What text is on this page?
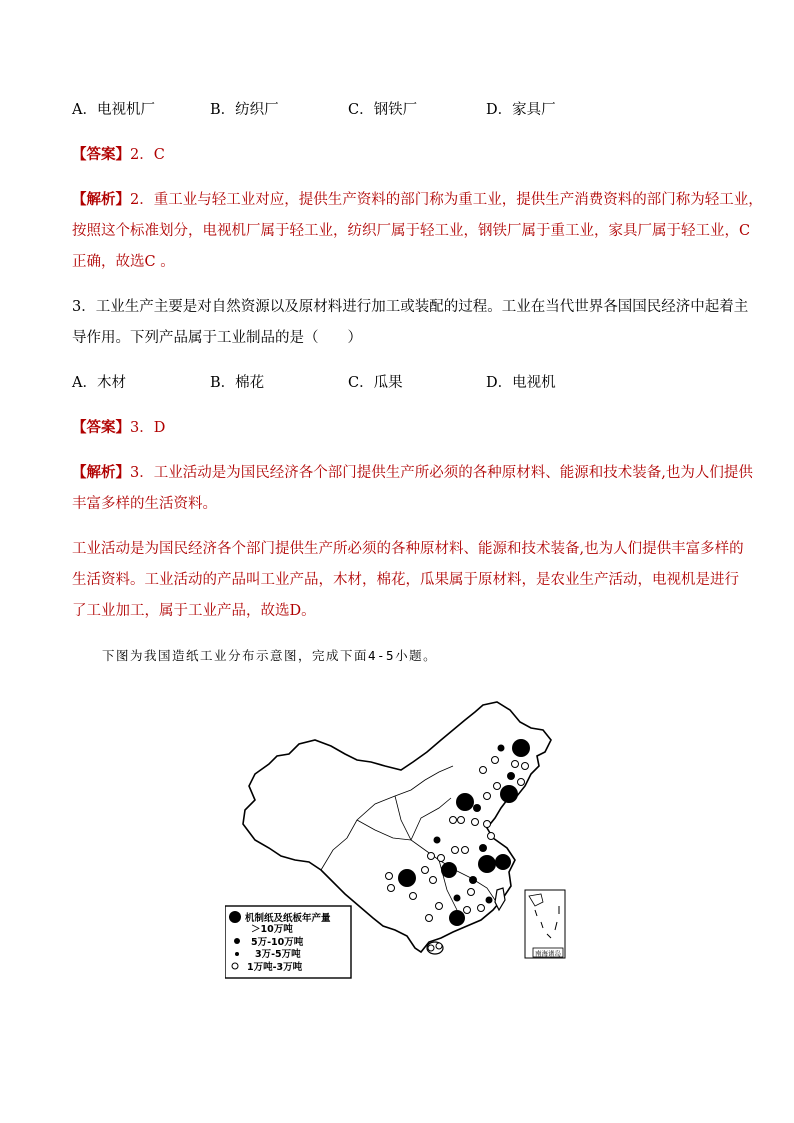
A．电视机厂	B．纺织厂	C．钢铁厂	D．家具厂
【答案】2．C
【解析】2．重工业与轻工业对应，提供生产资料的部门称为重工业，提供生产消费资料的部门称为轻工业，
按照这个标准划分，电视机厂属于轻工业，纺织厂属于轻工业，钢铁厂属于重工业，家具厂属于轻工业，C
正确，故选C 。
3．工业生产主要是对自然资源以及原材料进行加工或装配的过程。工业在当代世界各国国民经济中起着主
导作用。下列产品属于工业制品的是（　　）
A．木材	B．棉花	C．瓜果	D．电视机
【答案】3．D
【解析】3．工业活动是为国民经济各个部门提供生产所必须的各种原材料、能源和技术装备,也为人们提供
丰富多样的生活资料。
工业活动是为国民经济各个部门提供生产所必须的各种原材料、能源和技术装备,也为人们提供丰富多样的
生活资料。工业活动的产品叫工业产品，木材，棉花，瓜果属于原材料，是农业生产活动，电视机是进行
了工业加工，属于工业产品，故选D。
下图为我国造纸工业分布示意图，完成下面4-5小题。
南海诸岛
机制纸及纸板年产量
＞10万吨
5万-10万吨
3万-5万吨
1万吨-3万吨
